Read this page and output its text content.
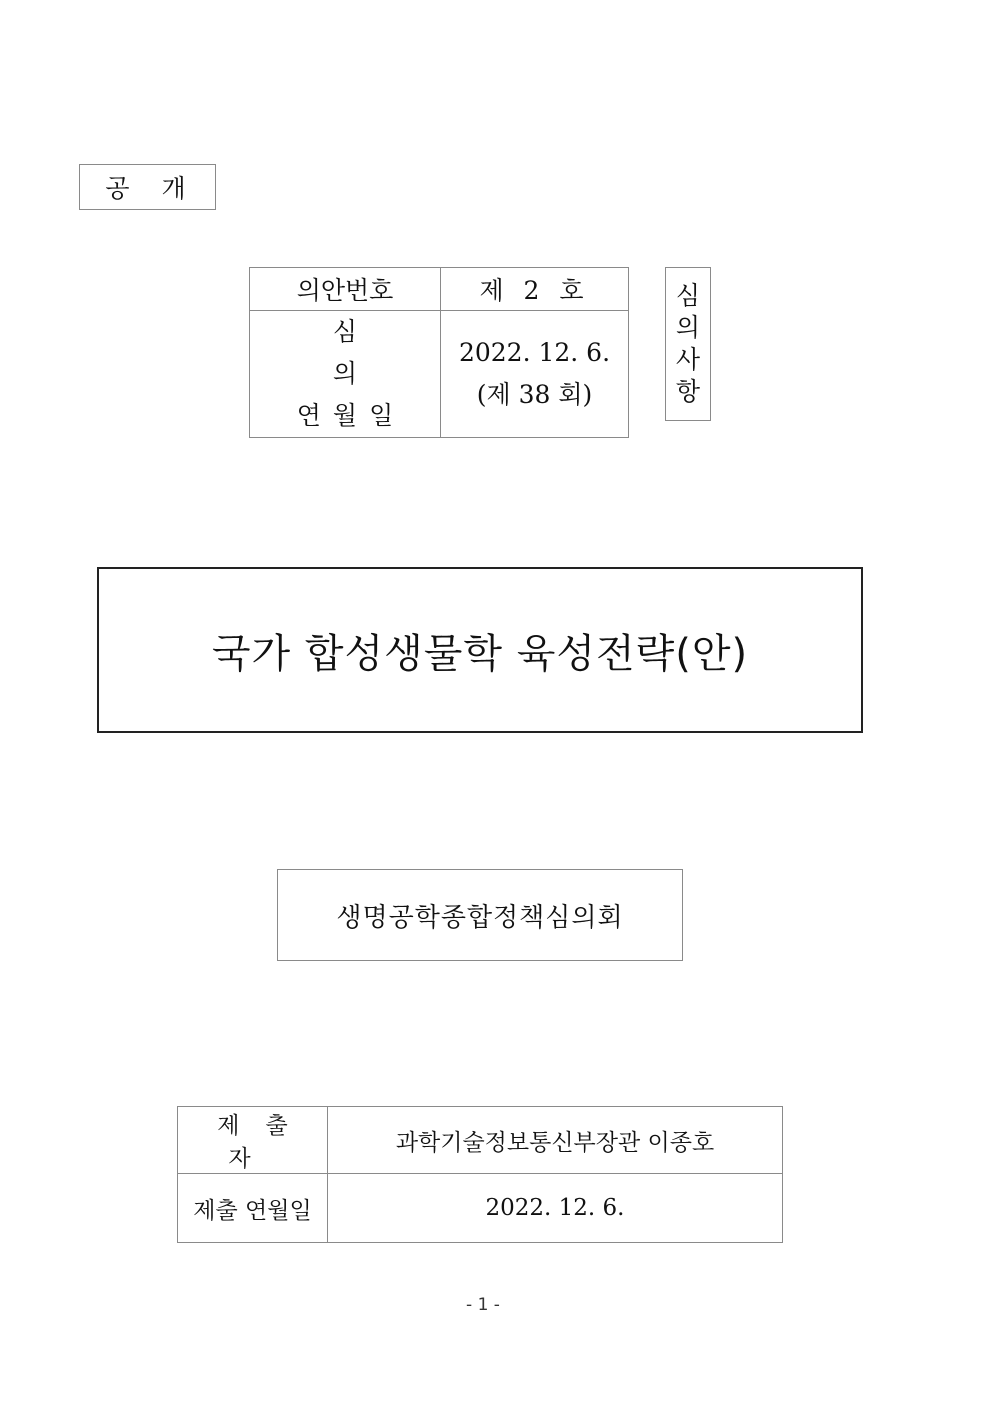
공 개
의안번호	제 2 호

심 의
연월일	2022. 12. 6.
(제 38 회)
심
의
사
항
국가 합성생물학 육성전략(안)
생명공학종합정책심의회
제출자	과학기술정보통신부장관 이종호
제출 연월일	2022. 12. 6.
- 1 -
